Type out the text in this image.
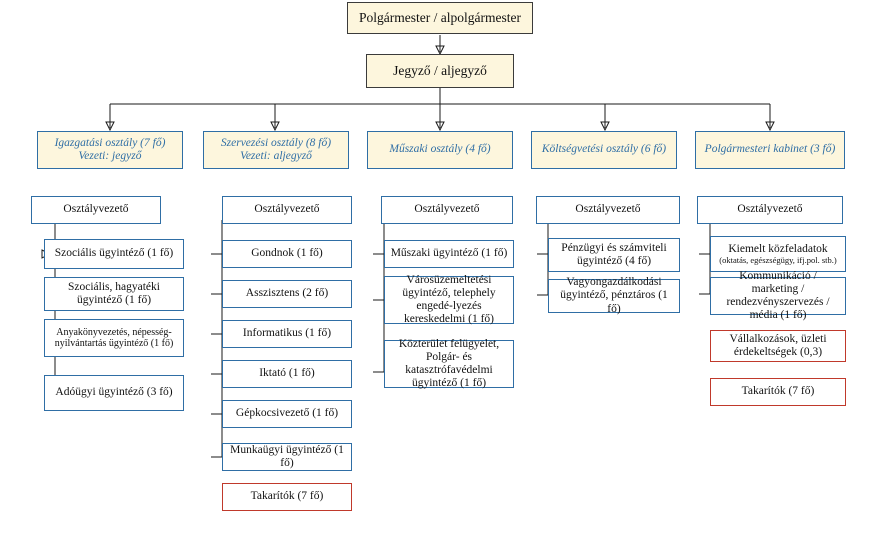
Polgármester / alpolgármester
Jegyző / aljegyző
Igazgatási osztály (7 fő)
Vezeti: jegyző
Szervezési osztály (8 fő)
Vezeti: aljegyző
Műszaki osztály (4 fő)	Költségvetési osztály (6 fő)	Polgármesteri kabinet (3 fő)
Osztályvezető	Osztályvezető	Osztályvezető	Osztályvezető	Osztályvezető
Szociális ügyintéző (1 fő)
Szociális, hagyatéki ügyintéző (1 fő)
Anyakönyvezetés, népesség-nyilvántartás ügyintéző (1 fő)
Adóügyi ügyintéző (3 fő)
Gondnok (1 fő)
Asszisztens (2 fő)
Informatikus (1 fő)
Iktató (1 fő)
Gépkocsivezető (1 fő)
Munkaügyi ügyintéző (1 fő)
Takarítók (7 fő)
Műszaki ügyintéző (1 fő)
Városüzemeltetési ügyintéző, telephely engedé-lyezés kereskedelmi (1 fő)
Közterület felügyelet, Polgár- és katasztrófavédelmi ügyintéző (1 fő)
Pénzügyi és számviteli ügyintéző (4 fő)
Vagyongazdálkodási ügyintéző, pénztáros (1 fő)
Kiemelt közfeladatok
(oktatás, egészségügy, ifj.pol. stb.)
Kommunikáció / marketing / rendezvényszervezés / média (1 fő)
Vállalkozások, üzleti érdekeltségek (0,3)
Takarítók (7 fő)
